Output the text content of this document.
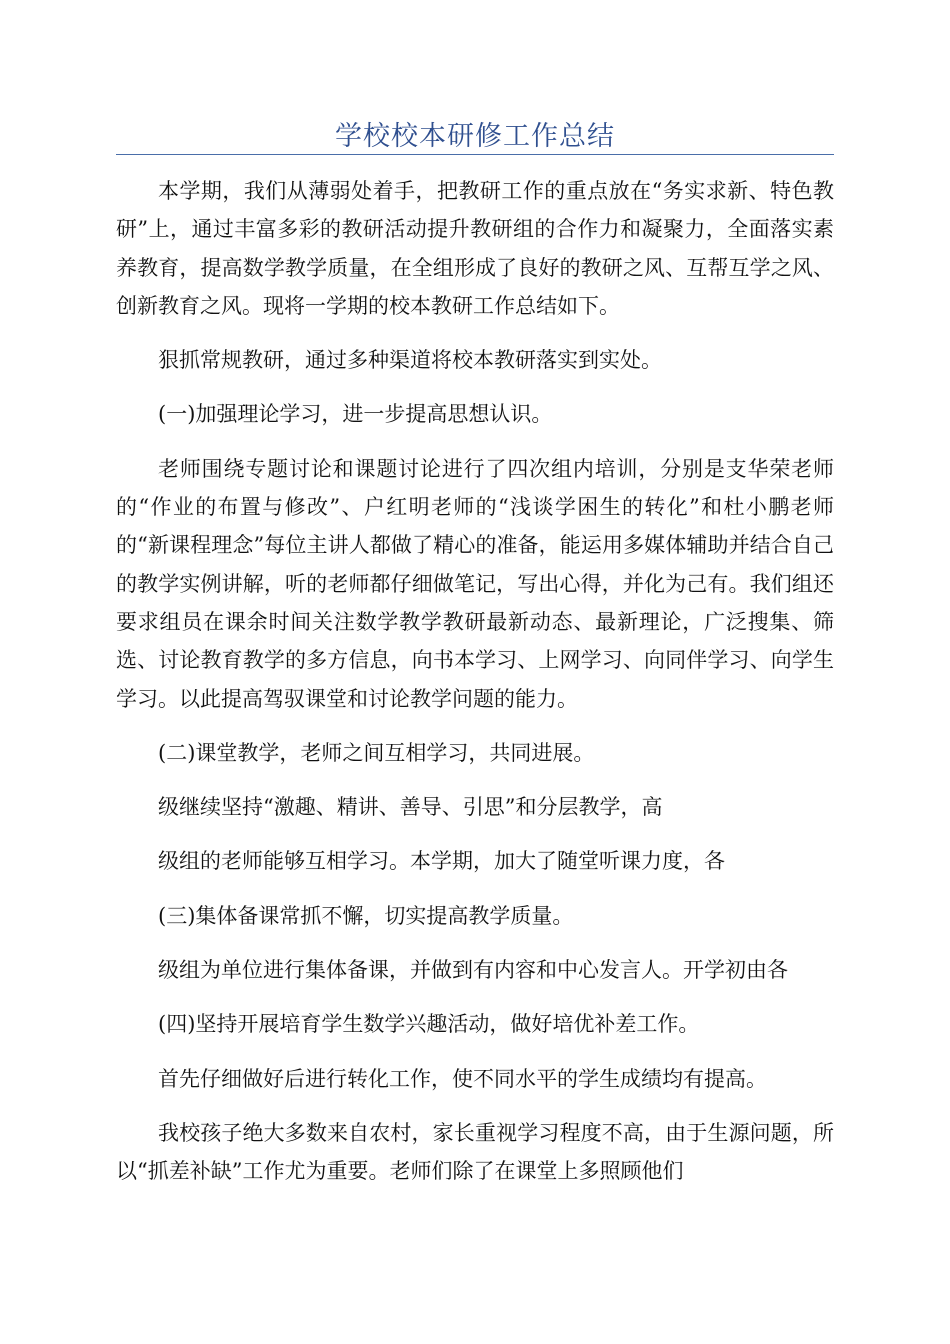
学校校本研修工作总结

本学期，我们从薄弱处着手，把教研工作的重点放在“务实求新、特色教研”上，通过丰富多彩的教研活动提升教研组的合作力和凝聚力，全面落实素养教育，提高数学教学质量，在全组形成了良好的教研之风、互帮互学之风、创新教育之风。现将一学期的校本教研工作总结如下。

狠抓常规教研，通过多种渠道将校本教研落实到实处。

(一)加强理论学习，进一步提高思想认识。

老师围绕专题讨论和课题讨论进行了四次组内培训，分别是支华荣老师的“作业的布置与修改”、户红明老师的“浅谈学困生的转化”和杜小鹏老师的“新课程理念”每位主讲人都做了精心的准备，能运用多媒体辅助并结合自己的教学实例讲解，听的老师都仔细做笔记，写出心得，并化为己有。我们组还要求组员在课余时间关注数学教学教研最新动态、最新理论，广泛搜集、筛选、讨论教育教学的多方信息，向书本学习、上网学习、向同伴学习、向学生学习。以此提高驾驭课堂和讨论教学问题的能力。

(二)课堂教学，老师之间互相学习，共同进展。

级继续坚持“激趣、精讲、善导、引思”和分层教学，高

级组的老师能够互相学习。本学期，加大了随堂听课力度，各

(三)集体备课常抓不懈，切实提高教学质量。

级组为单位进行集体备课，并做到有内容和中心发言人。开学初由各

(四)坚持开展培育学生数学兴趣活动，做好培优补差工作。

首先仔细做好后进行转化工作，使不同水平的学生成绩均有提高。

我校孩子绝大多数来自农村，家长重视学习程度不高，由于生源问题，所以“抓差补缺”工作尤为重要。老师们除了在课堂上多照顾他们
